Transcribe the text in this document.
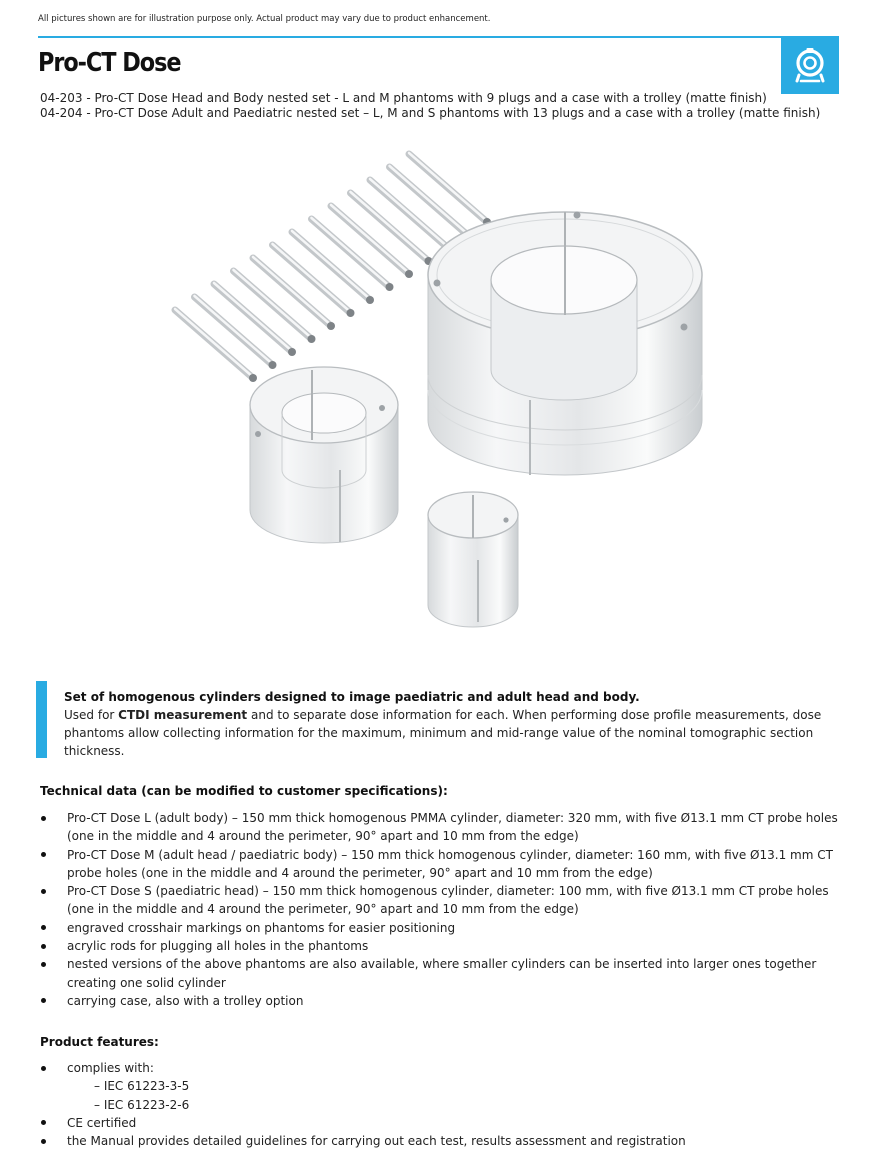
All pictures shown are for illustration purpose only. Actual product may vary due to product enhancement.
Pro-CT Dose
04-203 - Pro-CT Dose Head and Body nested set - L and M phantoms with 9 plugs and a case with a trolley (matte finish)
04-204 - Pro-CT Dose Adult and Paediatric nested set – L, M and S phantoms with 13 plugs and a case with a trolley (matte finish)
Set of homogenous cylinders designed to image paediatric and adult head and body.
Used for CTDI measurement and to separate dose information for each. When performing dose profile measurements, dose phantoms allow collecting information for the maximum, minimum and mid-range value of the nominal tomographic section thickness.
Technical data (can be modified to customer specifications):
Pro-CT Dose L (adult body) – 150 mm thick homogenous PMMA cylinder, diameter: 320 mm, with five Ø13.1 mm CT probe holes (one in the middle and 4 around the perimeter, 90° apart and 10 mm from the edge)
Pro-CT Dose M (adult head / paediatric body) – 150 mm thick homogenous cylinder, diameter: 160 mm, with five Ø13.1 mm CT probe holes (one in the middle and 4 around the perimeter, 90° apart and 10 mm from the edge)
Pro-CT Dose S (paediatric head) – 150 mm thick homogenous cylinder, diameter: 100 mm, with five Ø13.1 mm CT probe holes (one in the middle and 4 around the perimeter, 90° apart and 10 mm from the edge)
engraved crosshair markings on phantoms for easier positioning
acrylic rods for plugging all holes in the phantoms
nested versions of the above phantoms are also available, where smaller cylinders can be inserted into larger ones together creating one solid cylinder
carrying case, also with a trolley option
Product features:
complies with:
– IEC 61223-3-5
– IEC 61223-2-6
CE certified
the Manual provides detailed guidelines for carrying out each test, results assessment and registration
